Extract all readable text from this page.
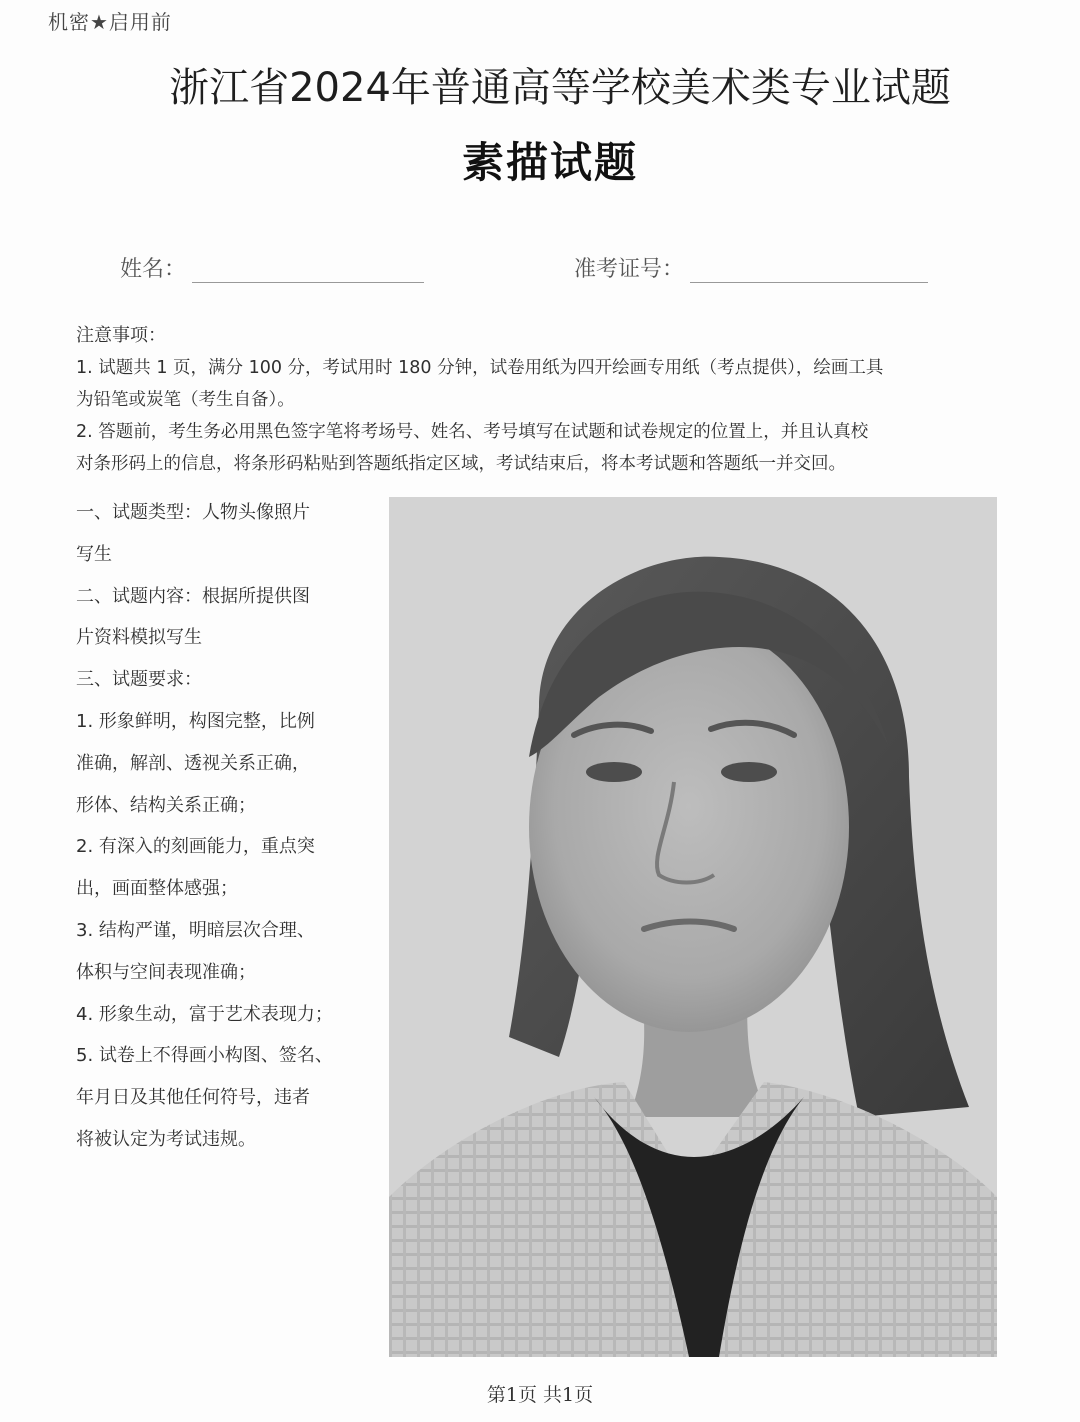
机密★启用前
浙江省2024年普通高等学校美术类专业试题
素描试题
姓名：	准考证号：

注意事项：

1. 试题共 1 页，满分 100 分，考试用时 180 分钟，试卷用纸为四开绘画专用纸（考点提供），绘画工具

为铅笔或炭笔（考生自备）。

2. 答题前，考生务必用黑色签字笔将考场号、姓名、考号填写在试题和试卷规定的位置上，并且认真校

对条形码上的信息，将条形码粘贴到答题纸指定区域，考试结束后，将本考试题和答题纸一并交回。

一、试题类型：人物头像照片

写生

二、试题内容：根据所提供图

片资料模拟写生

三、试题要求：

1. 形象鲜明，构图完整，比例

准确，解剖、透视关系正确，

形体、结构关系正确；

2. 有深入的刻画能力，重点突

出，画面整体感强；

3. 结构严谨，明暗层次合理、

体积与空间表现准确；

4. 形象生动，富于艺术表现力；

5. 试卷上不得画小构图、签名、

年月日及其他任何符号，违者

将被认定为考试违规。

第1页 共1页
